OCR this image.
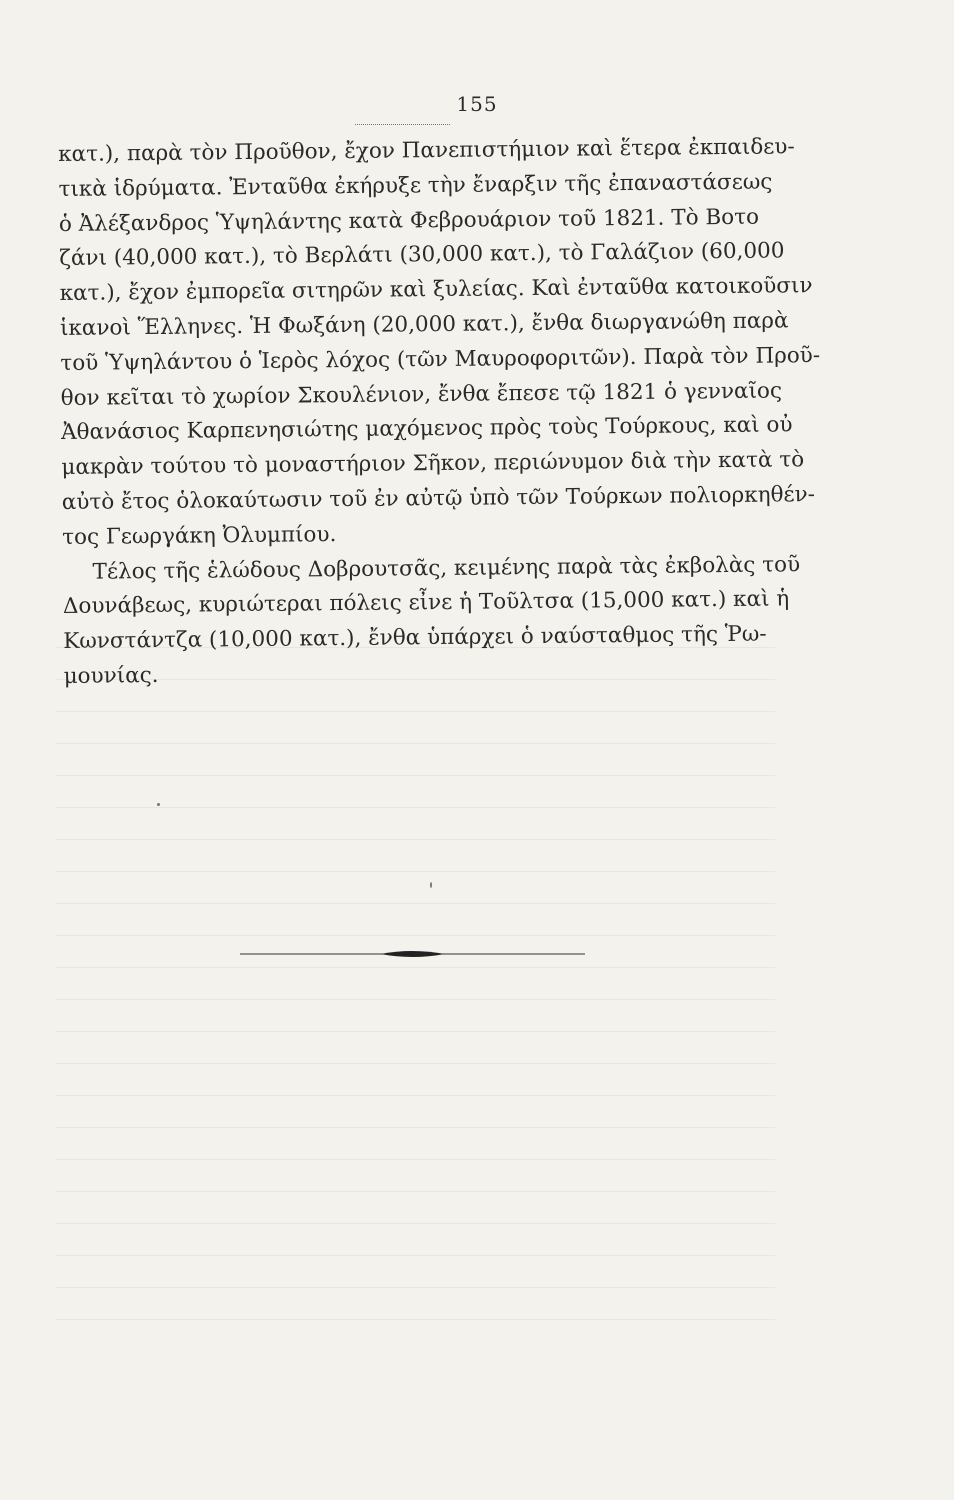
155
κατ.), παρὰ τὸν Προῦθον, ἔχον Πανεπιστήμιον καὶ ἕτερα ἐκπαιδευ-
τικὰ ἱδρύματα. Ἐνταῦθα ἐκήρυξε τὴν ἔναρξιν τῆς ἐπαναστάσεως
ὁ Ἀλέξανδρος Ὑψηλάντης κατὰ Φεβρουάριον τοῦ 1821. Τὸ Βοτο
ζάνι (40,000 κατ.), τὸ Βερλάτι (30,000 κατ.), τὸ Γαλάζιον (60,000
κατ.), ἔχον ἐμπορεῖα σιτηρῶν καὶ ξυλείας. Καὶ ἐνταῦθα κατοικοῦσιν
ἱκανοὶ Ἕλληνες. Ἡ Φωξάνη (20,000 κατ.), ἔνθα διωργανώθη παρὰ
τοῦ Ὑψηλάντου ὁ Ἱερὸς λόχος (τῶν Μαυροφοριτῶν). Παρὰ τὸν Προῦ-
θον κεῖται τὸ χωρίον Σκουλένιον, ἔνθα ἔπεσε τῷ 1821 ὁ γενναῖος
Ἀθανάσιος Καρπενησιώτης μαχόμενος πρὸς τοὺς Τούρκους, καὶ οὐ
μακρὰν τούτου τὸ μοναστήριον Σῆκον, περιώνυμον διὰ τὴν κατὰ τὸ
αὐτὸ ἔτος ὁλοκαύτωσιν τοῦ ἐν αὐτῷ ὑπὸ τῶν Τούρκων πολιορκηθέν-
τος Γεωργάκη Ὀλυμπίου.
Τέλος τῆς ἑλώδους Δοβρουτσᾶς, κειμένης παρὰ τὰς ἐκβολὰς τοῦ
Δουνάβεως, κυριώτεραι πόλεις εἶνε ἡ Τοῦλτσα (15,000 κατ.) καὶ ἡ
Κωνστάντζα (10,000 κατ.), ἔνθα ὑπάρχει ὁ ναύσταθμος τῆς Ῥω-
μουνίας.
